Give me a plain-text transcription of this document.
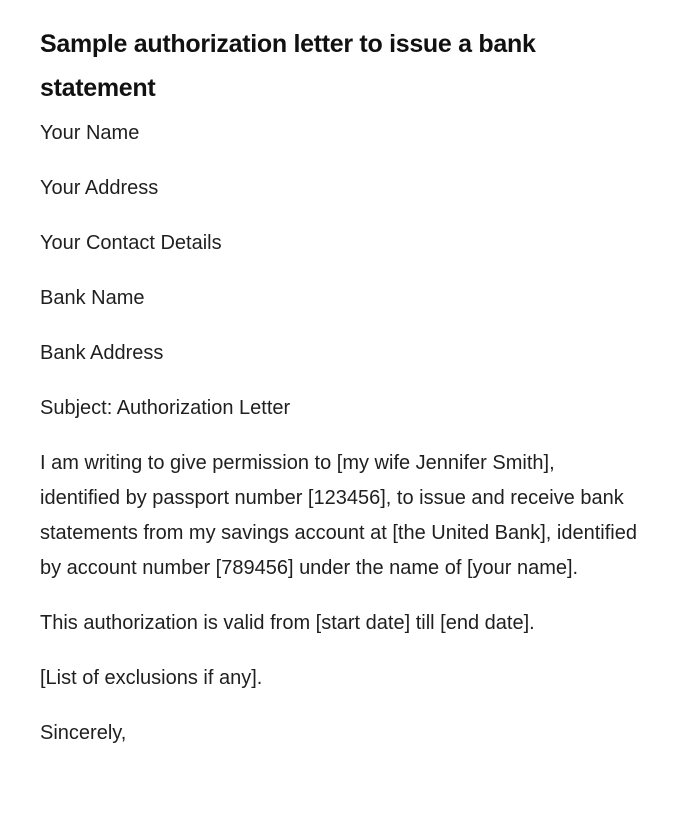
Sample authorization letter to issue a bank statement

Your Name

Your Address

Your Contact Details

Bank Name

Bank Address

Subject: Authorization Letter

I am writing to give permission to [my wife Jennifer Smith], identified by passport number [123456], to issue and receive bank statements from my savings account at [the United Bank], identified by account number [789456] under the name of [your name].

This authorization is valid from [start date] till [end date].

[List of exclusions if any].

Sincerely,
